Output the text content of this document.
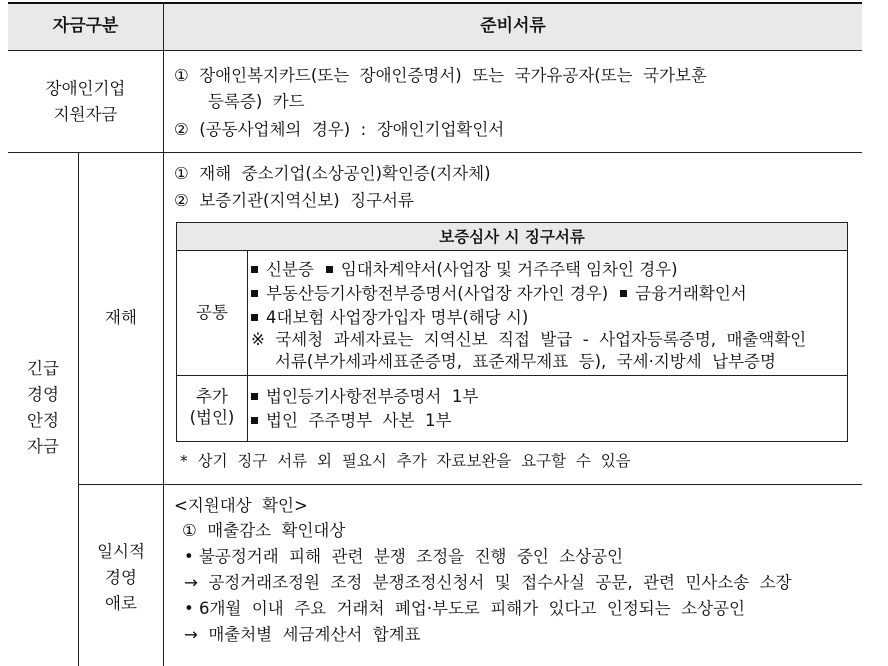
자금구분	준비서류
장애인기업
지원자금
①  장애인복지카드(또는  장애인증명서)  또는  국가유공자(또는  국가보훈
등록증)  카드
②  (공동사업체의  경우)  :  장애인기업확인서
긴급
경영
안정
자금
재해
①  재해  중소기업(소상공인)확인증(지자체)
②  보증기관(지역신보)  징구서류
보증심사 시 징구서류
공통
신분증 임대차계약서(사업장 및 거주주택 임차인 경우)
부동산등기사항전부증명서(사업장 자가인 경우) 금융거래확인서
4대보험 사업장가입자 명부(해당 시)
※  국세청  과세자료는  지역신보  직접  발급  -  사업자등록증명,  매출액확인
서류(부가세과세표준증명,  표준재무제표  등),  국세·지방세  납부증명
추가
(법인)
법인등기사항전부증명서  1부
법인  주주명부  사본  1부
*  상기  징구  서류  외  필요시  추가  자료보완을  요구할  수  있음
일시적
경영
애로
<지원대상  확인>
①  매출감소  확인대상
• 불공정거래  피해  관련  분쟁  조정을  진행  중인  소상공인
→  공정거래조정원  조정  분쟁조정신청서  및  접수사실  공문,  관련  민사소송  소장
• 6개월  이내  주요  거래처  폐업·부도로  피해가  있다고  인정되는  소상공인
→  매출처별  세금계산서  합계표
